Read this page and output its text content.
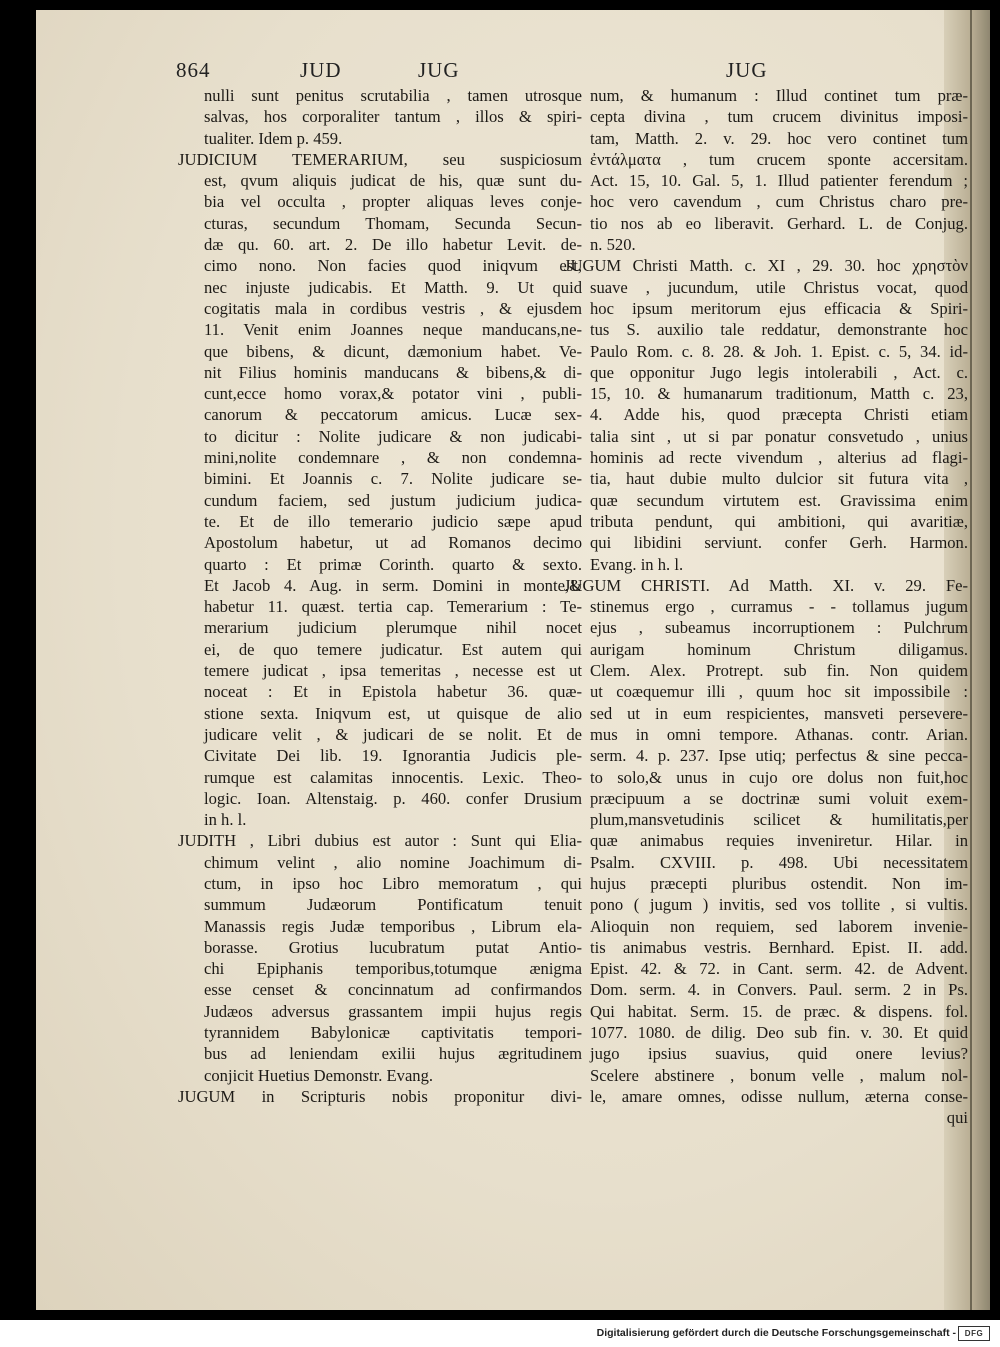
864	JUD	JUG	JUG
nulli sunt penitus scrutabilia , tamen utrosque
salvas, hos corporaliter tantum , illos & spiri-
tualiter. Idem p. 459.
JUDICIUM TEMERARIUM, seu suspiciosum
est, qvum aliquis judicat de his, quæ sunt du-
bia vel occulta , propter aliquas leves conje-
cturas, secundum Thomam, Secunda Secun-
dæ qu. 60. art. 2. De illo habetur Levit. de-
cimo nono. Non facies quod iniqvum est,
nec injuste judicabis. Et Matth. 9. Ut quid
cogitatis mala in cordibus vestris , & ejusdem
11. Venit enim Joannes neque manducans,ne-
que bibens, & dicunt, dæmonium habet. Ve-
nit Filius hominis manducans & bibens,& di-
cunt,ecce homo vorax,& potator vini , publi-
canorum & peccatorum amicus. Lucæ sex-
to dicitur : Nolite judicare & non judicabi-
mini,nolite condemnare , & non condemna-
bimini. Et Joannis c. 7. Nolite judicare se-
cundum faciem, sed justum judicium judica-
te. Et de illo temerario judicio sæpe apud
Apostolum habetur, ut ad Romanos decimo
quarto : Et primæ Corinth. quarto & sexto.
Et Jacob 4. Aug. in serm. Domini in monte,&
habetur 11. quæst. tertia cap. Temerarium : Te-
merarium judicium plerumque nihil nocet
ei, de quo temere judicatur. Est autem qui
temere judicat , ipsa temeritas , necesse est ut
noceat : Et in Epistola habetur 36. quæ-
stione sexta. Iniqvum est, ut quisque de alio
judicare velit , & judicari de se nolit. Et de
Civitate Dei lib. 19. Ignorantia Judicis ple-
rumque est calamitas innocentis. Lexic. Theo-
logic. Ioan. Altenstaig. p. 460. confer Drusium
in h. l.
JUDITH , Libri dubius est autor : Sunt qui Elia-
chimum velint , alio nomine Joachimum di-
ctum, in ipso hoc Libro memoratum , qui
summum Judæorum Pontificatum tenuit
Manassis regis Judæ temporibus , Librum ela-
borasse. Grotius lucubratum putat Antio-
chi Epiphanis temporibus,totumque ænigma
esse censet & concinnatum ad confirmandos
Judæos adversus grassantem impii hujus regis
tyrannidem Babylonicæ captivitatis tempori-
bus ad leniendam exilii hujus ægritudinem
conjicit Huetius Demonstr. Evang.
JUGUM in Scripturis nobis proponitur divi-
num, & humanum : Illud continet tum præ-
cepta divina , tum crucem divinitus imposi-
tam, Matth. 2. v. 29. hoc vero continet tum
ἐντάλματα , tum crucem sponte accersitam.
Act. 15, 10. Gal. 5, 1. Illud patienter ferendum ;
hoc vero cavendum , cum Christus charo pre-
tio nos ab eo liberavit. Gerhard. L. de Conjug.
n. 520.
JUGUM Christi Matth. c. XI , 29. 30. hoc χρηστὸν
suave , jucundum, utile Christus vocat, quod
hoc ipsum meritorum ejus efficacia & Spiri-
tus S. auxilio tale reddatur, demonstrante hoc
Paulo Rom. c. 8. 28. & Joh. 1. Epist. c. 5, 34. id-
que opponitur Jugo legis intolerabili , Act. c.
15, 10. & humanarum traditionum, Matth c. 23,
4. Adde his, quod præcepta Christi etiam
talia sint , ut si par ponatur consvetudo , unius
hominis ad recte vivendum , alterius ad flagi-
tia, haut dubie multo dulcior sit futura vita ,
quæ secundum virtutem est. Gravissima enim
tributa pendunt, qui ambitioni, qui avaritiæ,
qui libidini serviunt. confer Gerh. Harmon.
Evang. in h. l.
JUGUM CHRISTI. Ad Matth. XI. v. 29. Fe-
stinemus ergo , curramus - - tollamus jugum
ejus , subeamus incorruptionem : Pulchrum
aurigam hominum Christum diligamus.
Clem. Alex. Protrept. sub fin. Non quidem
ut coæquemur illi , quum hoc sit impossibile :
sed ut in eum respicientes, mansveti persevere-
mus in omni tempore. Athanas. contr. Arian.
serm. 4. p. 237. Ipse utiq; perfectus & sine pecca-
to solo,& unus in cujo ore dolus non fuit,hoc
præcipuum a se doctrinæ sumi voluit exem-
plum,mansvetudinis scilicet & humilitatis,per
quæ animabus requies inveniretur. Hilar. in
Psalm. CXVIII. p. 498. Ubi necessitatem
hujus præcepti pluribus ostendit. Non im-
pono ( jugum ) invitis, sed vos tollite , si vultis.
Alioquin non requiem, sed laborem invenie-
tis animabus vestris. Bernhard. Epist. II. add.
Epist. 42. & 72. in Cant. serm. 42. de Advent.
Dom. serm. 4. in Convers. Paul. serm. 2 in Ps.
Qui habitat. Serm. 15. de præc. & dispens. fol.
1077. 1080. de dilig. Deo sub fin. v. 30. Et quid
jugo ipsius suavius, quid onere levius?
Scelere abstinere , bonum velle , malum nol-
le, amare omnes, odisse nullum, æterna conse-
qui
Digitalisierung gefördert durch die Deutsche Forschungsgemeinschaft -	DFG
